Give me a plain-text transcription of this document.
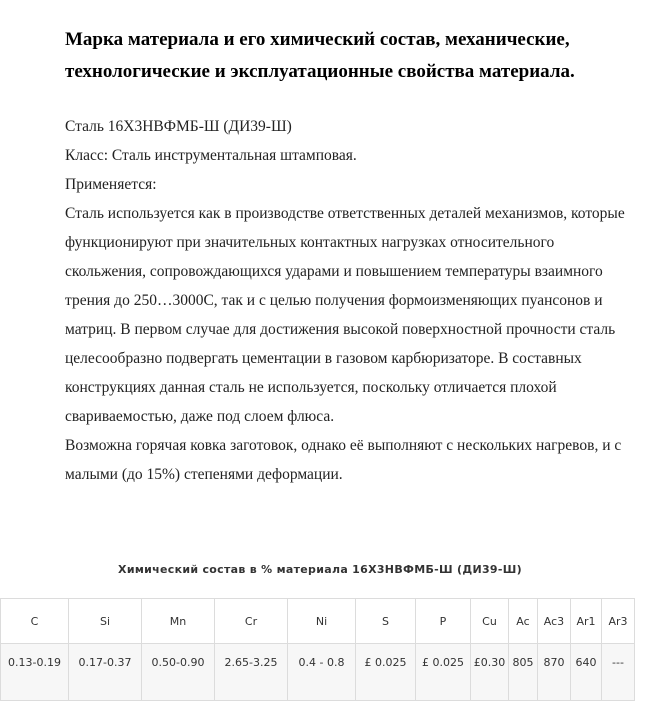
Марка материала и его химический состав, механические, технологические и эксплуатационные свойства материала.

Сталь 16Х3НВФМБ-Ш (ДИ39-Ш)

Класс: Сталь инструментальная штамповая.

Применяется:

Сталь используется как в производстве ответственных деталей механизмов, которые функционируют при значительных контактных нагрузках относительного скольжения, сопровождающихся ударами и повышением температуры взаимного трения до 250…3000С, так и с целью получения формоизменяющих пуансонов и матриц. В первом случае для достижения высокой поверхностной прочности сталь целесообразно подвергать цементации в газовом карбюризаторе. В составных конструкциях данная сталь не используется, поскольку отличается плохой свариваемостью, даже под слоем флюса.

Возможна горячая ковка заготовок, однако её выполняют с нескольких нагревов, и с малыми (до 15%) степенями деформации.

Химический состав в % материала 16Х3НВФМБ-Ш (ДИ39-Ш)
C	Si	Mn	Cr	Ni	S	P	Cu	Ac	Ac3	Ar1	Ar3
0.13-0.19	0.17-0.37	0.50-0.90	2.65-3.25	0.4 - 0.8	£ 0.025	£ 0.025	£0.30	805	870	640	---
